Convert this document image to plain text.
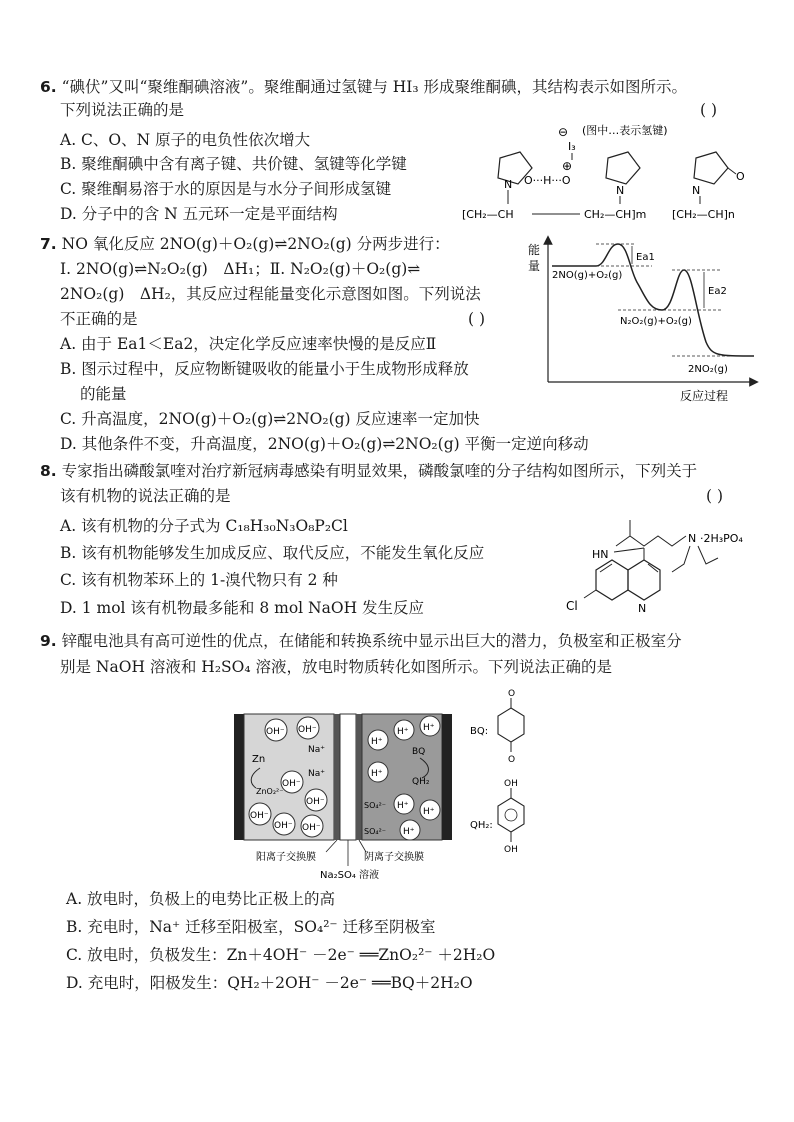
6. “碘伏”又叫“聚维酮碘溶液”。聚维酮通过氢键与 HI₃ 形成聚维酮碘，其结构表示如图所示。
下列说法正确的是	( )
A. C、O、N 原子的电负性依次增大
B. 聚维酮碘中含有离子键、共价键、氢键等化学键
C. 聚维酮易溶于水的原因是与水分子间形成氢键
D. 分子中的含 N 五元环一定是平面结构
⊖ (图中…表示氢键)
I₃
⊕
N O···H···O
N	N
O
[CH₂—CH	CH₂—CH]m [CH₂—CH]n
7. NO 氧化反应 2NO(g)＋O₂(g)⇌2NO₂(g) 分两步进行：
Ⅰ. 2NO(g)⇌N₂O₂(g)　ΔH₁；Ⅱ. N₂O₂(g)＋O₂(g)⇌
2NO₂(g)　ΔH₂，其反应过程能量变化示意图如图。下列说法
不正确的是	( )
A. 由于 Ea1＜Ea2，决定化学反应速率快慢的是反应Ⅱ
B. 图示过程中，反应物断键吸收的能量小于生成物形成释放
的能量
C. 升高温度，2NO(g)＋O₂(g)⇌2NO₂(g) 反应速率一定加快
D. 其他条件不变，升高温度，2NO(g)＋O₂(g)⇌2NO₂(g) 平衡一定逆向移动
能
量
反应过程
Ea1
Ea2
2NO(g)+O₂(g)
N₂O₂(g)+O₂(g)
2NO₂(g)
8. 专家指出磷酸氯喹对治疗新冠病毒感染有明显效果，磷酸氯喹的分子结构如图所示，下列关于
该有机物的说法正确的是	( )
A. 该有机物的分子式为 C₁₈H₃₀N₃O₈P₂Cl
B. 该有机物能够发生加成反应、取代反应，不能发生氧化反应
C. 该有机物苯环上的 1-溴代物只有 2 种
D. 1 mol 该有机物最多能和 8 mol NaOH 发生反应	N
Cl
HN
N ·2H₃PO₄
9. 锌醌电池具有高可逆性的优点，在储能和转换系统中显示出巨大的潜力，负极室和正极室分
别是 NaOH 溶液和 H₂SO₄ 溶液，放电时物质转化如图所示。下列说法正确的是
OH⁻ OH⁻
Na⁺
Zn
Na⁺
OH⁻
ZnO₂²⁻
OH⁻
OH⁻
OH⁻ OH⁻
H⁺
H⁺ H⁺
BQ
H⁺
QH₂
SO₄²⁻ H⁺
H⁺
SO₄²⁻ H⁺
阳离子交换膜	阴离子交换膜
Na₂SO₄ 溶液
BQ:
O
O
QH₂:
OH
OH
A. 放电时，负极上的电势比正极上的高
B. 充电时，Na⁺ 迁移至阳极室，SO₄²⁻ 迁移至阴极室
C. 放电时，负极发生：Zn＋4OH⁻ －2e⁻ ══ZnO₂²⁻ ＋2H₂O
D. 充电时，阳极发生：QH₂＋2OH⁻ －2e⁻ ══BQ＋2H₂O
